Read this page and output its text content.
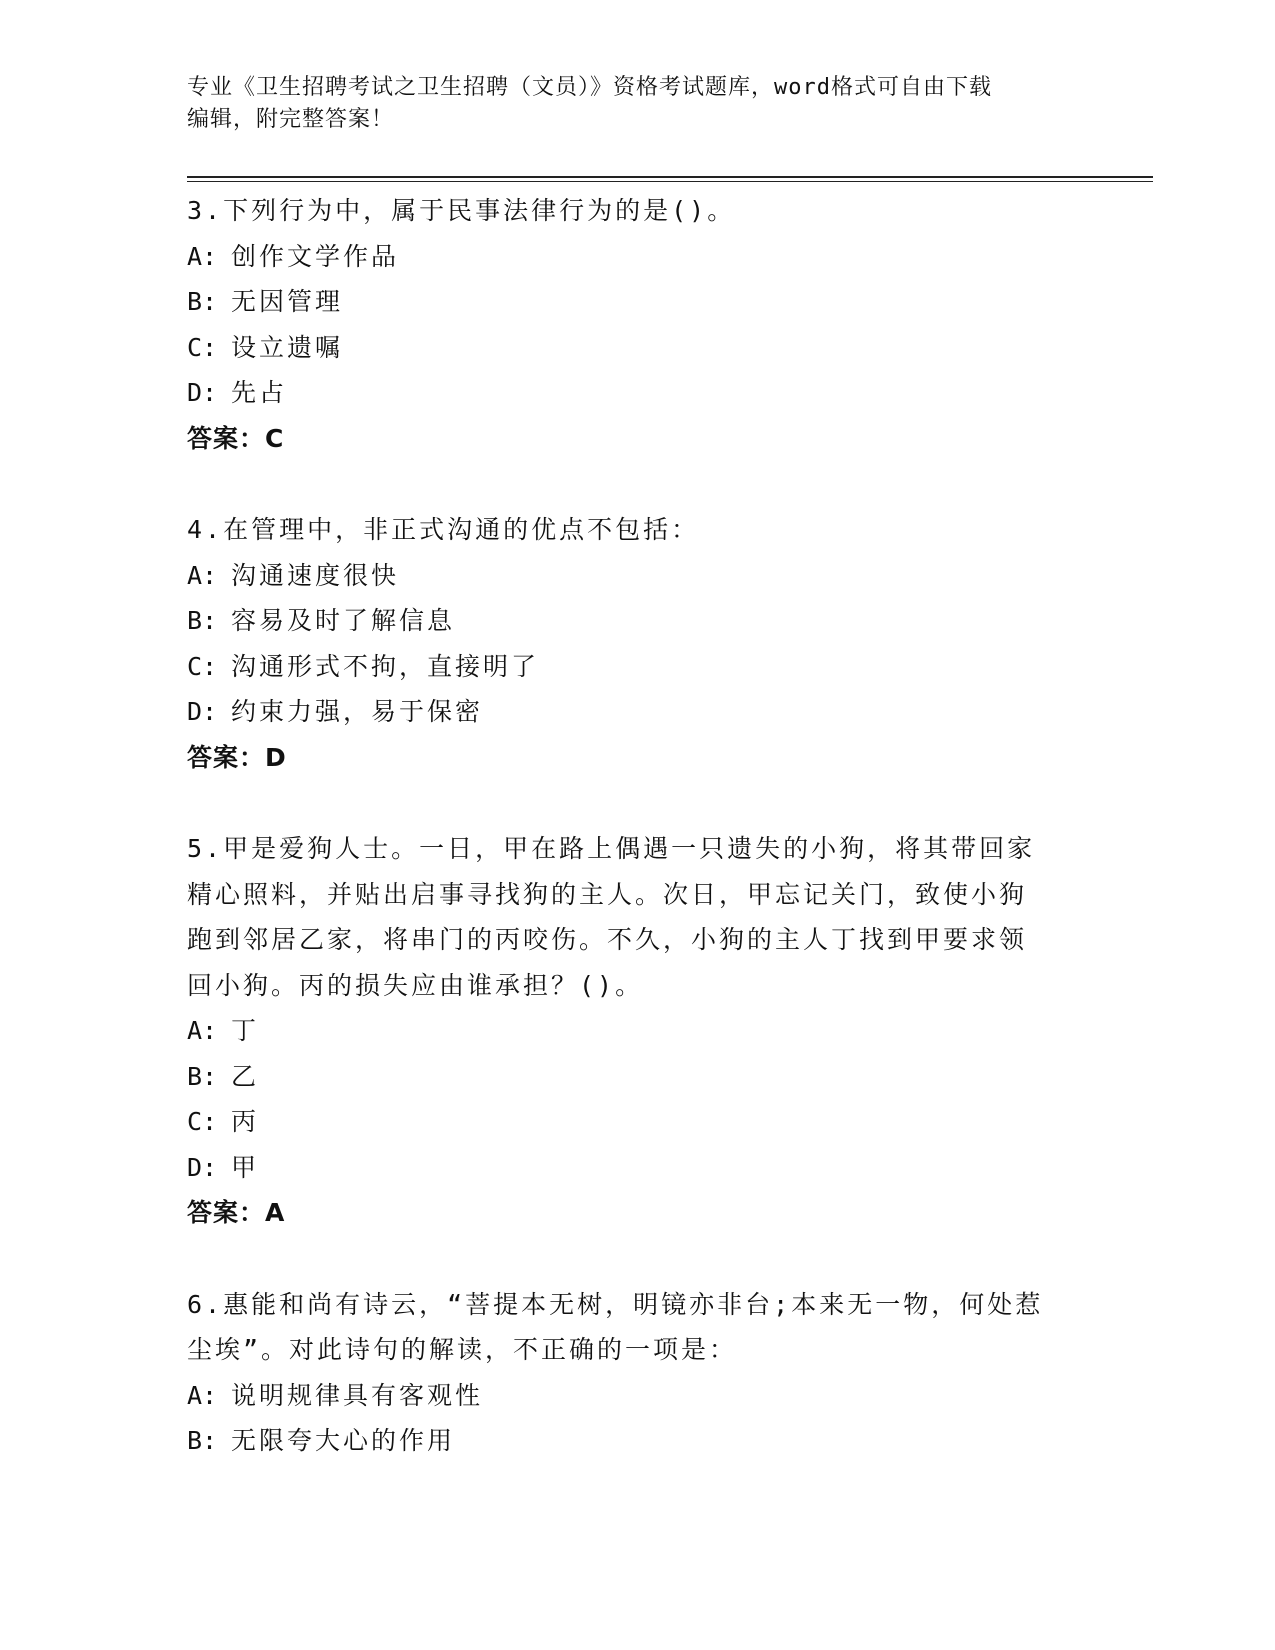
专业《卫生招聘考试之卫生招聘（文员）》资格考试题库，word格式可自由下载
编辑，附完整答案！

3.下列行为中，属于民事法律行为的是()。

A: 创作文学作品

B: 无因管理

C: 设立遗嘱

D: 先占

答案：C

4.在管理中，非正式沟通的优点不包括：

A: 沟通速度很快

B: 容易及时了解信息

C: 沟通形式不拘，直接明了

D: 约束力强，易于保密

答案：D

5.甲是爱狗人士。一日，甲在路上偶遇一只遗失的小狗，将其带回家

精心照料，并贴出启事寻找狗的主人。次日，甲忘记关门，致使小狗

跑到邻居乙家，将串门的丙咬伤。不久，小狗的主人丁找到甲要求领

回小狗。丙的损失应由谁承担？()。

A: 丁

B: 乙

C: 丙

D: 甲

答案：A

6.惠能和尚有诗云，“菩提本无树，明镜亦非台;本来无一物，何处惹

尘埃”。对此诗句的解读，不正确的一项是：

A: 说明规律具有客观性

B: 无限夸大心的作用
